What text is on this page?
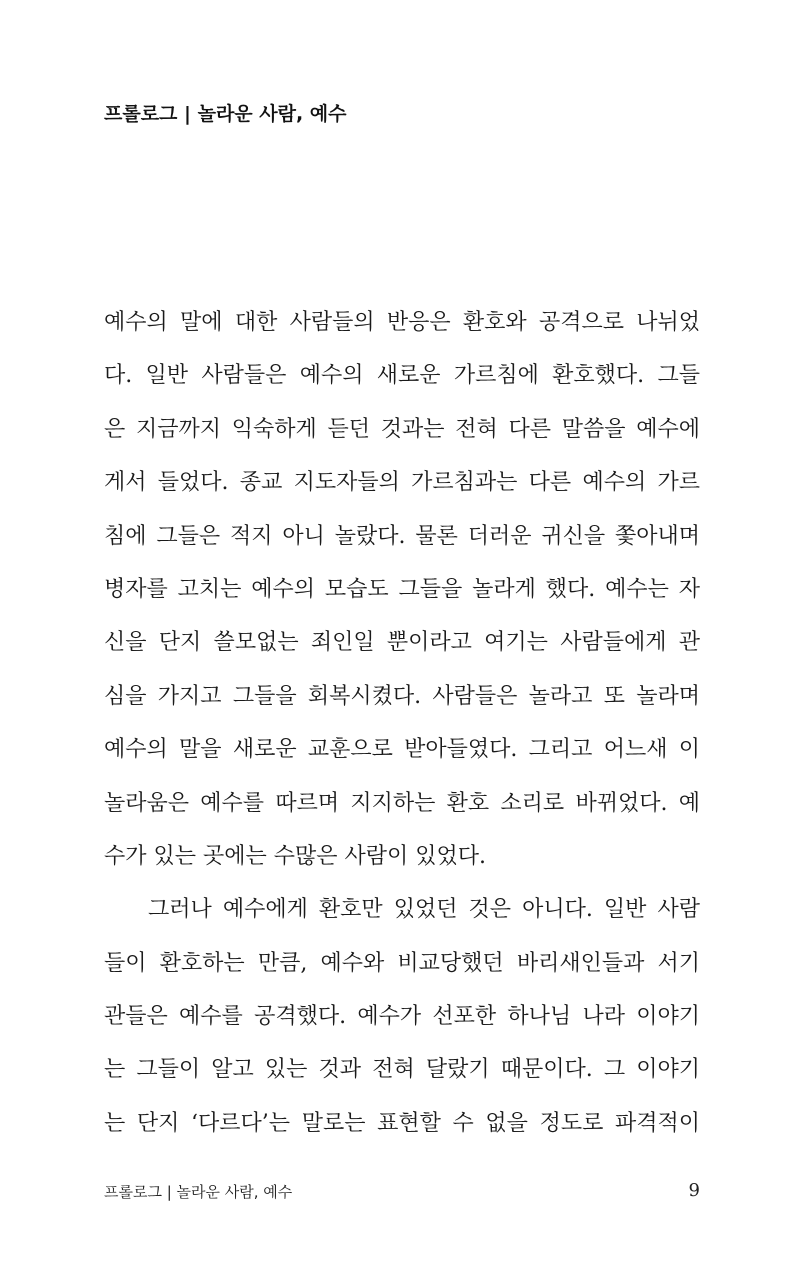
프롤로그 | 놀라운 사람, 예수
예수의 말에 대한 사람들의 반응은 환호와 공격으로 나뉘었
다. 일반 사람들은 예수의 새로운 가르침에 환호했다. 그들
은 지금까지 익숙하게 듣던 것과는 전혀 다른 말씀을 예수에
게서 들었다. 종교 지도자들의 가르침과는 다른 예수의 가르
침에 그들은 적지 아니 놀랐다. 물론 더러운 귀신을 쫓아내며
병자를 고치는 예수의 모습도 그들을 놀라게 했다. 예수는 자
신을 단지 쓸모없는 죄인일 뿐이라고 여기는 사람들에게 관
심을 가지고 그들을 회복시켰다. 사람들은 놀라고 또 놀라며
예수의 말을 새로운 교훈으로 받아들였다. 그리고 어느새 이
놀라움은 예수를 따르며 지지하는 환호 소리로 바뀌었다. 예
수가 있는 곳에는 수많은 사람이 있었다.
그러나 예수에게 환호만 있었던 것은 아니다. 일반 사람
들이 환호하는 만큼, 예수와 비교당했던 바리새인들과 서기
관들은 예수를 공격했다. 예수가 선포한 하나님 나라 이야기
는 그들이 알고 있는 것과 전혀 달랐기 때문이다. 그 이야기
는 단지 ‘다르다’는 말로는 표현할 수 없을 정도로 파격적이
프롤로그 | 놀라운 사람, 예수	9
